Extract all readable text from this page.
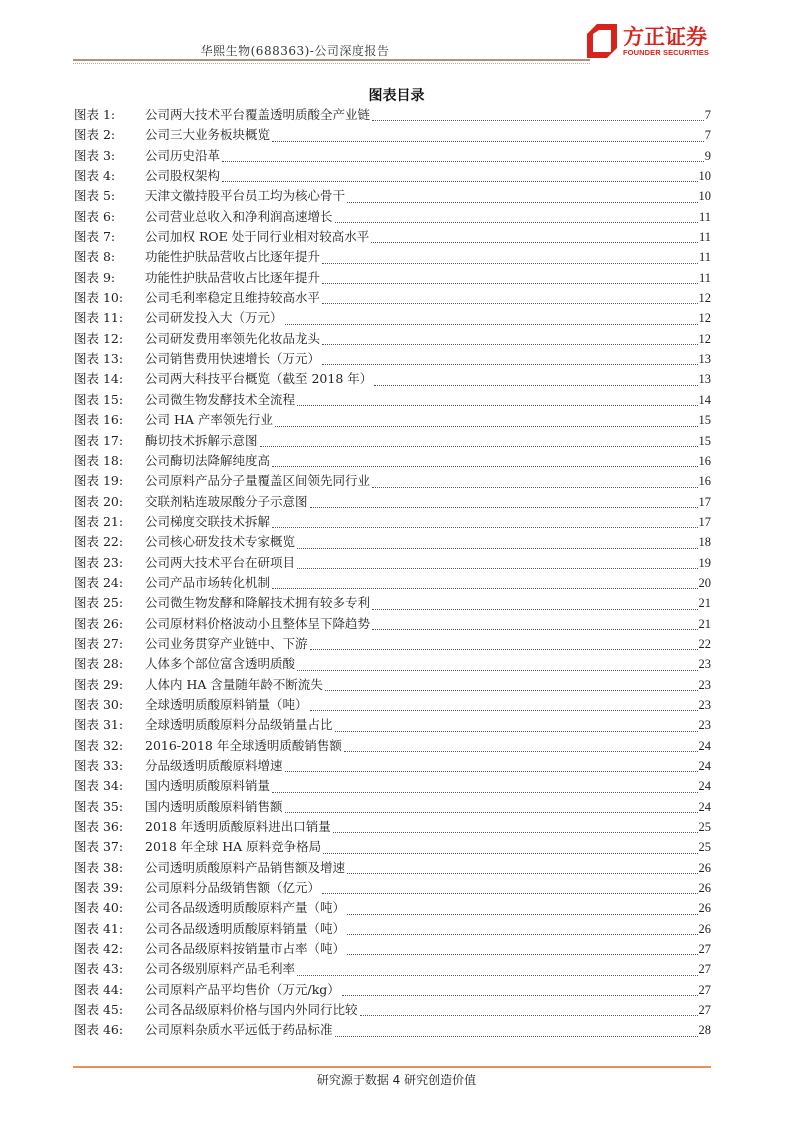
华熙生物(688363)-公司深度报告
方正证券
FOUNDER SECURITIES
图表目录
图表 1:	公司两大技术平台覆盖透明质酸全产业链	7
图表 2:	公司三大业务板块概览	7
图表 3:	公司历史沿革	9
图表 4:	公司股权架构	10
图表 5:	天津文徽持股平台员工均为核心骨干	10
图表 6:	公司营业总收入和净利润高速增长	11
图表 7:	公司加权 ROE 处于同行业相对较高水平	11
图表 8:	功能性护肤品营收占比逐年提升	11
图表 9:	功能性护肤品营收占比逐年提升	11
图表 10:	公司毛利率稳定且维持较高水平	12
图表 11:	公司研发投入大（万元）	12
图表 12:	公司研发费用率领先化妆品龙头	12
图表 13:	公司销售费用快速增长（万元）	13
图表 14:	公司两大科技平台概览（截至 2018 年）	13
图表 15:	公司微生物发酵技术全流程	14
图表 16:	公司 HA 产率领先行业	15
图表 17:	酶切技术拆解示意图	15
图表 18:	公司酶切法降解纯度高	16
图表 19:	公司原料产品分子量覆盖区间领先同行业	16
图表 20:	交联剂粘连玻尿酸分子示意图	17
图表 21:	公司梯度交联技术拆解	17
图表 22:	公司核心研发技术专家概览	18
图表 23:	公司两大技术平台在研项目	19
图表 24:	公司产品市场转化机制	20
图表 25:	公司微生物发酵和降解技术拥有较多专利	21
图表 26:	公司原材料价格波动小且整体呈下降趋势	21
图表 27:	公司业务贯穿产业链中、下游	22
图表 28:	人体多个部位富含透明质酸	23
图表 29:	人体内 HA 含量随年龄不断流失	23
图表 30:	全球透明质酸原料销量（吨）	23
图表 31:	全球透明质酸原料分品级销量占比	23
图表 32:	2016-2018 年全球透明质酸销售额	24
图表 33:	分品级透明质酸原料增速	24
图表 34:	国内透明质酸原料销量	24
图表 35:	国内透明质酸原料销售额	24
图表 36:	2018 年透明质酸原料进出口销量	25
图表 37:	2018 年全球 HA 原料竞争格局	25
图表 38:	公司透明质酸原料产品销售额及增速	26
图表 39:	公司原料分品级销售额（亿元）	26
图表 40:	公司各品级透明质酸原料产量（吨）	26
图表 41:	公司各品级透明质酸原料销量（吨）	26
图表 42:	公司各品级原料按销量市占率（吨）	27
图表 43:	公司各级别原料产品毛利率	27
图表 44:	公司原料产品平均售价（万元/kg）	27
图表 45:	公司各品级原料价格与国内外同行比较	27
图表 46:	公司原料杂质水平远低于药品标准	28
研究源于数据 4 研究创造价值
